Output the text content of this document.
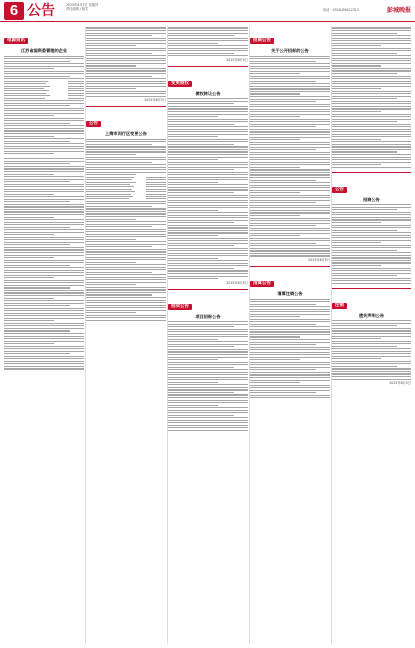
6 公告	2025年6月5日 星期四
责任编辑 / 版式	电话：0516-85612313	彭城晚报
电源资讯
江苏省国资委管理的企业
2025年6月5日
公告
上海市闵行区变更公告
2025年6月5日
变更债权
债权转让公告
2025年6月5日
拍卖公告
项目招标公告
招商公告
关于公开招标的公告
2025年6月5日
清算公告
清算注销公告
公告
招商公告
注销
遗失声明公告
2025年6月5日
